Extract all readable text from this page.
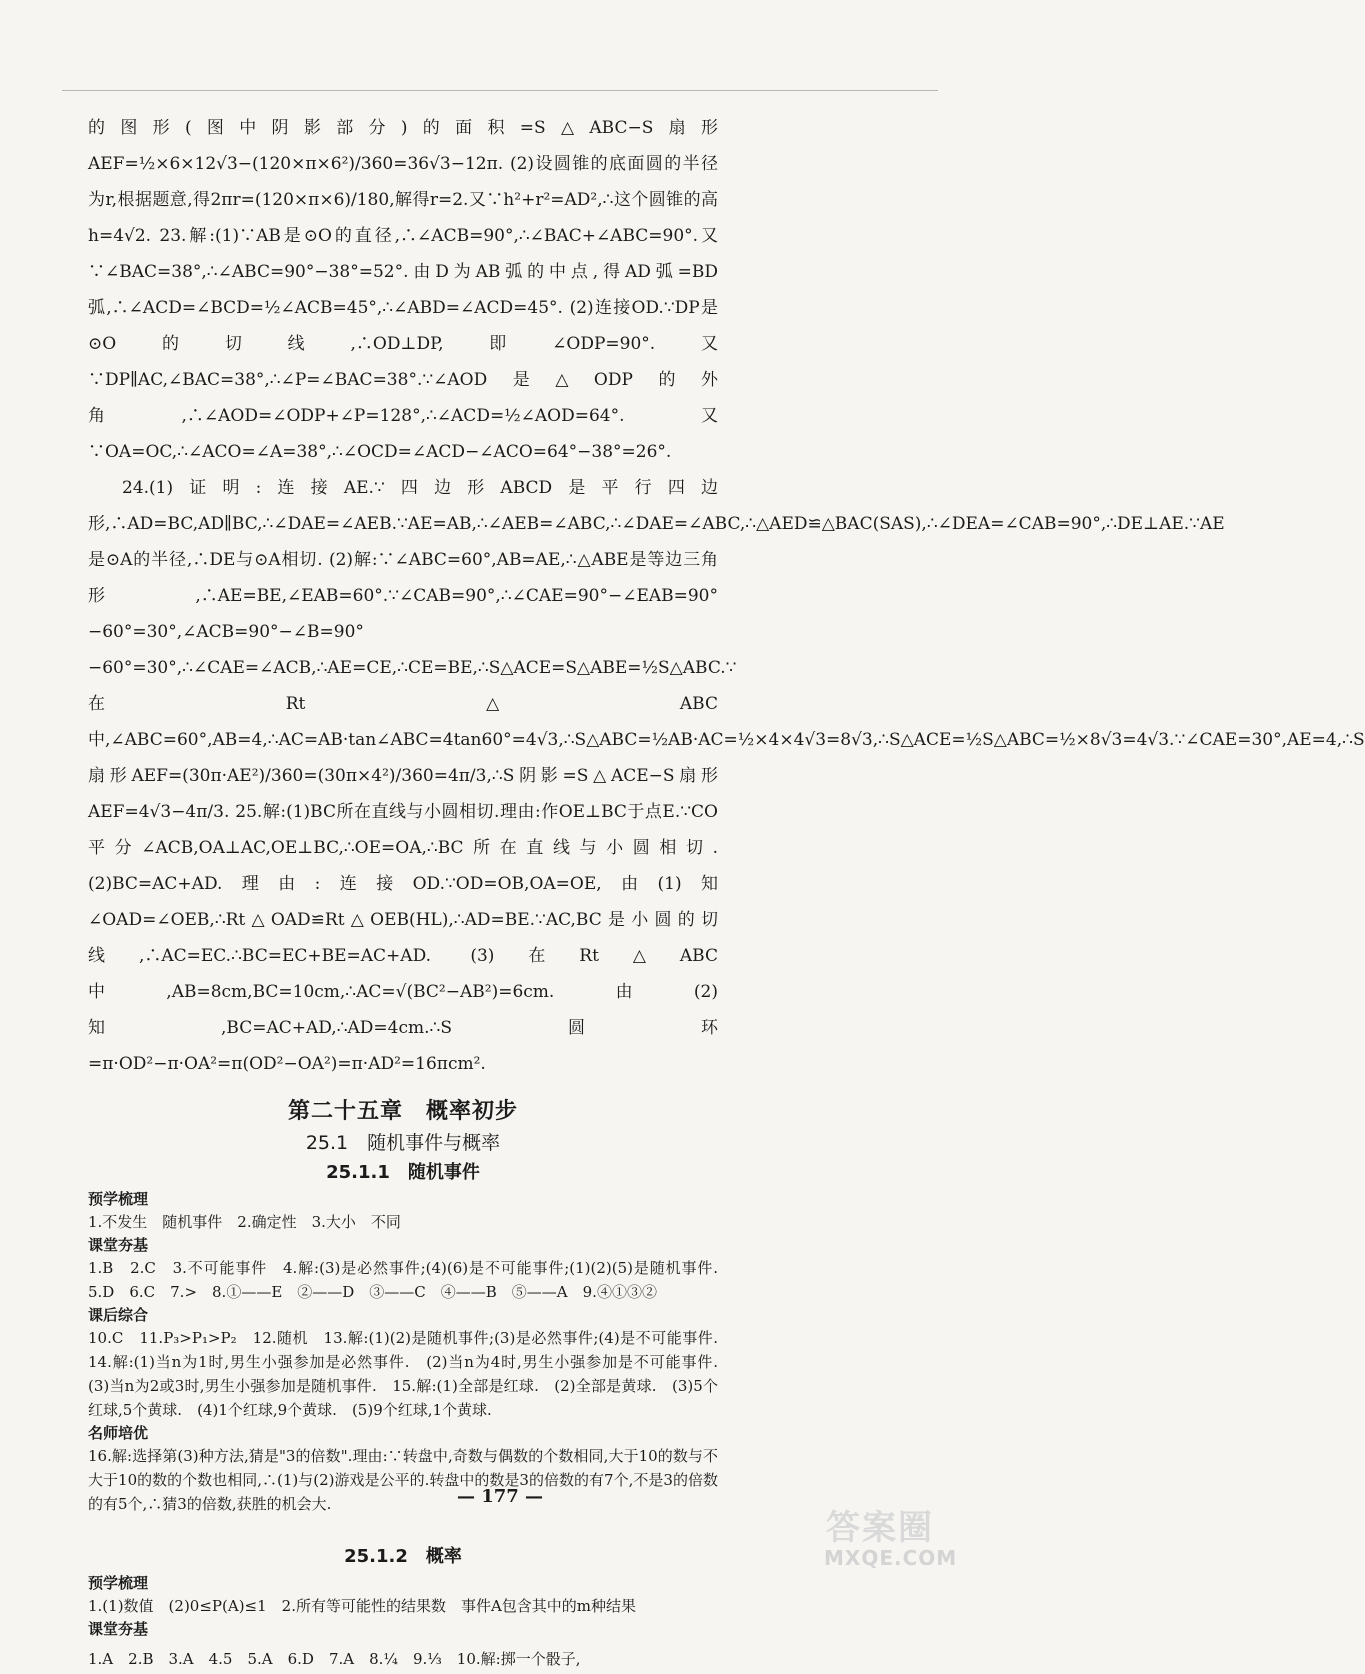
的图形(图中阴影部分)的面积=S△ABC−S扇形AEF=½×6×12√3−(120×π×6²)/360=36√3−12π. (2)设圆锥的底面圆的半径为r,根据题意,得2πr=(120×π×6)/180,解得r=2.又∵h²+r²=AD²,∴这个圆锥的高h=4√2. 23.解:(1)∵AB是⊙O的直径,∴∠ACB=90°,∴∠BAC+∠ABC=90°.又∵∠BAC=38°,∴∠ABC=90°−38°=52°.由D为AB弧的中点,得AD弧=BD弧,∴∠ACD=∠BCD=½∠ACB=45°,∴∠ABD=∠ACD=45°. (2)连接OD.∵DP是⊙O的切线,∴OD⊥DP,即∠ODP=90°.又∵DP∥AC,∠BAC=38°,∴∠P=∠BAC=38°.∵∠AOD是△ODP的外角,∴∠AOD=∠ODP+∠P=128°,∴∠ACD=½∠AOD=64°.又∵OA=OC,∴∠ACO=∠A=38°,∴∠OCD=∠ACD−∠ACO=64°−38°=26°.

24.(1)证明:连接AE.∵四边形ABCD是平行四边形,∴AD=BC,AD∥BC,∴∠DAE=∠AEB.∵AE=AB,∴∠AEB=∠ABC,∴∠DAE=∠ABC,∴△AED≌△BAC(SAS),∴∠DEA=∠CAB=90°,∴DE⊥AE.∵AE是⊙A的半径,∴DE与⊙A相切. (2)解:∵∠ABC=60°,AB=AE,∴△ABE是等边三角形,∴AE=BE,∠EAB=60°.∵∠CAB=90°,∴∠CAE=90°−∠EAB=90°−60°=30°,∠ACB=90°−∠B=90°−60°=30°,∴∠CAE=∠ACB,∴AE=CE,∴CE=BE,∴S△ACE=S△ABE=½S△ABC.∵在Rt△ABC中,∠ABC=60°,AB=4,∴AC=AB·tan∠ABC=4tan60°=4√3,∴S△ABC=½AB·AC=½×4×4√3=8√3,∴S△ACE=½S△ABC=½×8√3=4√3.∵∠CAE=30°,AE=4,∴S扇形AEF=(30π·AE²)/360=(30π×4²)/360=4π/3,∴S阴影=S△ACE−S扇形AEF=4√3−4π/3. 25.解:(1)BC所在直线与小圆相切.理由:作OE⊥BC于点E.∵CO平分∠ACB,OA⊥AC,OE⊥BC,∴OE=OA,∴BC所在直线与小圆相切. (2)BC=AC+AD.理由:连接OD.∵OD=OB,OA=OE,由(1)知∠OAD=∠OEB,∴Rt△OAD≌Rt△OEB(HL),∴AD=BE.∵AC,BC是小圆的切线,∴AC=EC.∴BC=EC+BE=AC+AD. (3)在Rt△ABC中,AB=8cm,BC=10cm,∴AC=√(BC²−AB²)=6cm.由(2)知,BC=AC+AD,∴AD=4cm.∴S圆环=π·OD²−π·OA²=π(OD²−OA²)=π·AD²=16πcm².

第二十五章　概率初步

25.1　随机事件与概率

25.1.1　随机事件

预学梳理

1.不发生　随机事件　2.确定性　3.大小　不同

课堂夯基

1.B　2.C　3.不可能事件　4.解:(3)是必然事件;(4)(6)是不可能事件;(1)(2)(5)是随机事件.　5.D　6.C　7.>　8.①——E　②——D　③——C　④——B　⑤——A　9.④①③②

课后综合

10.C　11.P₃>P₁>P₂　12.随机　13.解:(1)(2)是随机事件;(3)是必然事件;(4)是不可能事件.　14.解:(1)当n为1时,男生小强参加是必然事件.　(2)当n为4时,男生小强参加是不可能事件.　(3)当n为2或3时,男生小强参加是随机事件.　15.解:(1)全部是红球.　(2)全部是黄球.　(3)5个红球,5个黄球.　(4)1个红球,9个黄球.　(5)9个红球,1个黄球.

名师培优

16.解:选择第(3)种方法,猜是"3的倍数".理由:∵转盘中,奇数与偶数的个数相同,大于10的数与不大于10的数的个数也相同,∴(1)与(2)游戏是公平的.转盘中的数是3的倍数的有7个,不是3的倍数的有5个,∴猜3的倍数,获胜的机会大.

25.1.2　概率

预学梳理

1.(1)数值　(2)0≤P(A)≤1　2.所有等可能性的结果数　事件A包含其中的m种结果

课堂夯基

1.A　2.B　3.A　4.5　5.A　6.D　7.A　8.¼　9.⅓　10.解:掷一个骰子,

— 177 —
答案圈
MXQE.COM
